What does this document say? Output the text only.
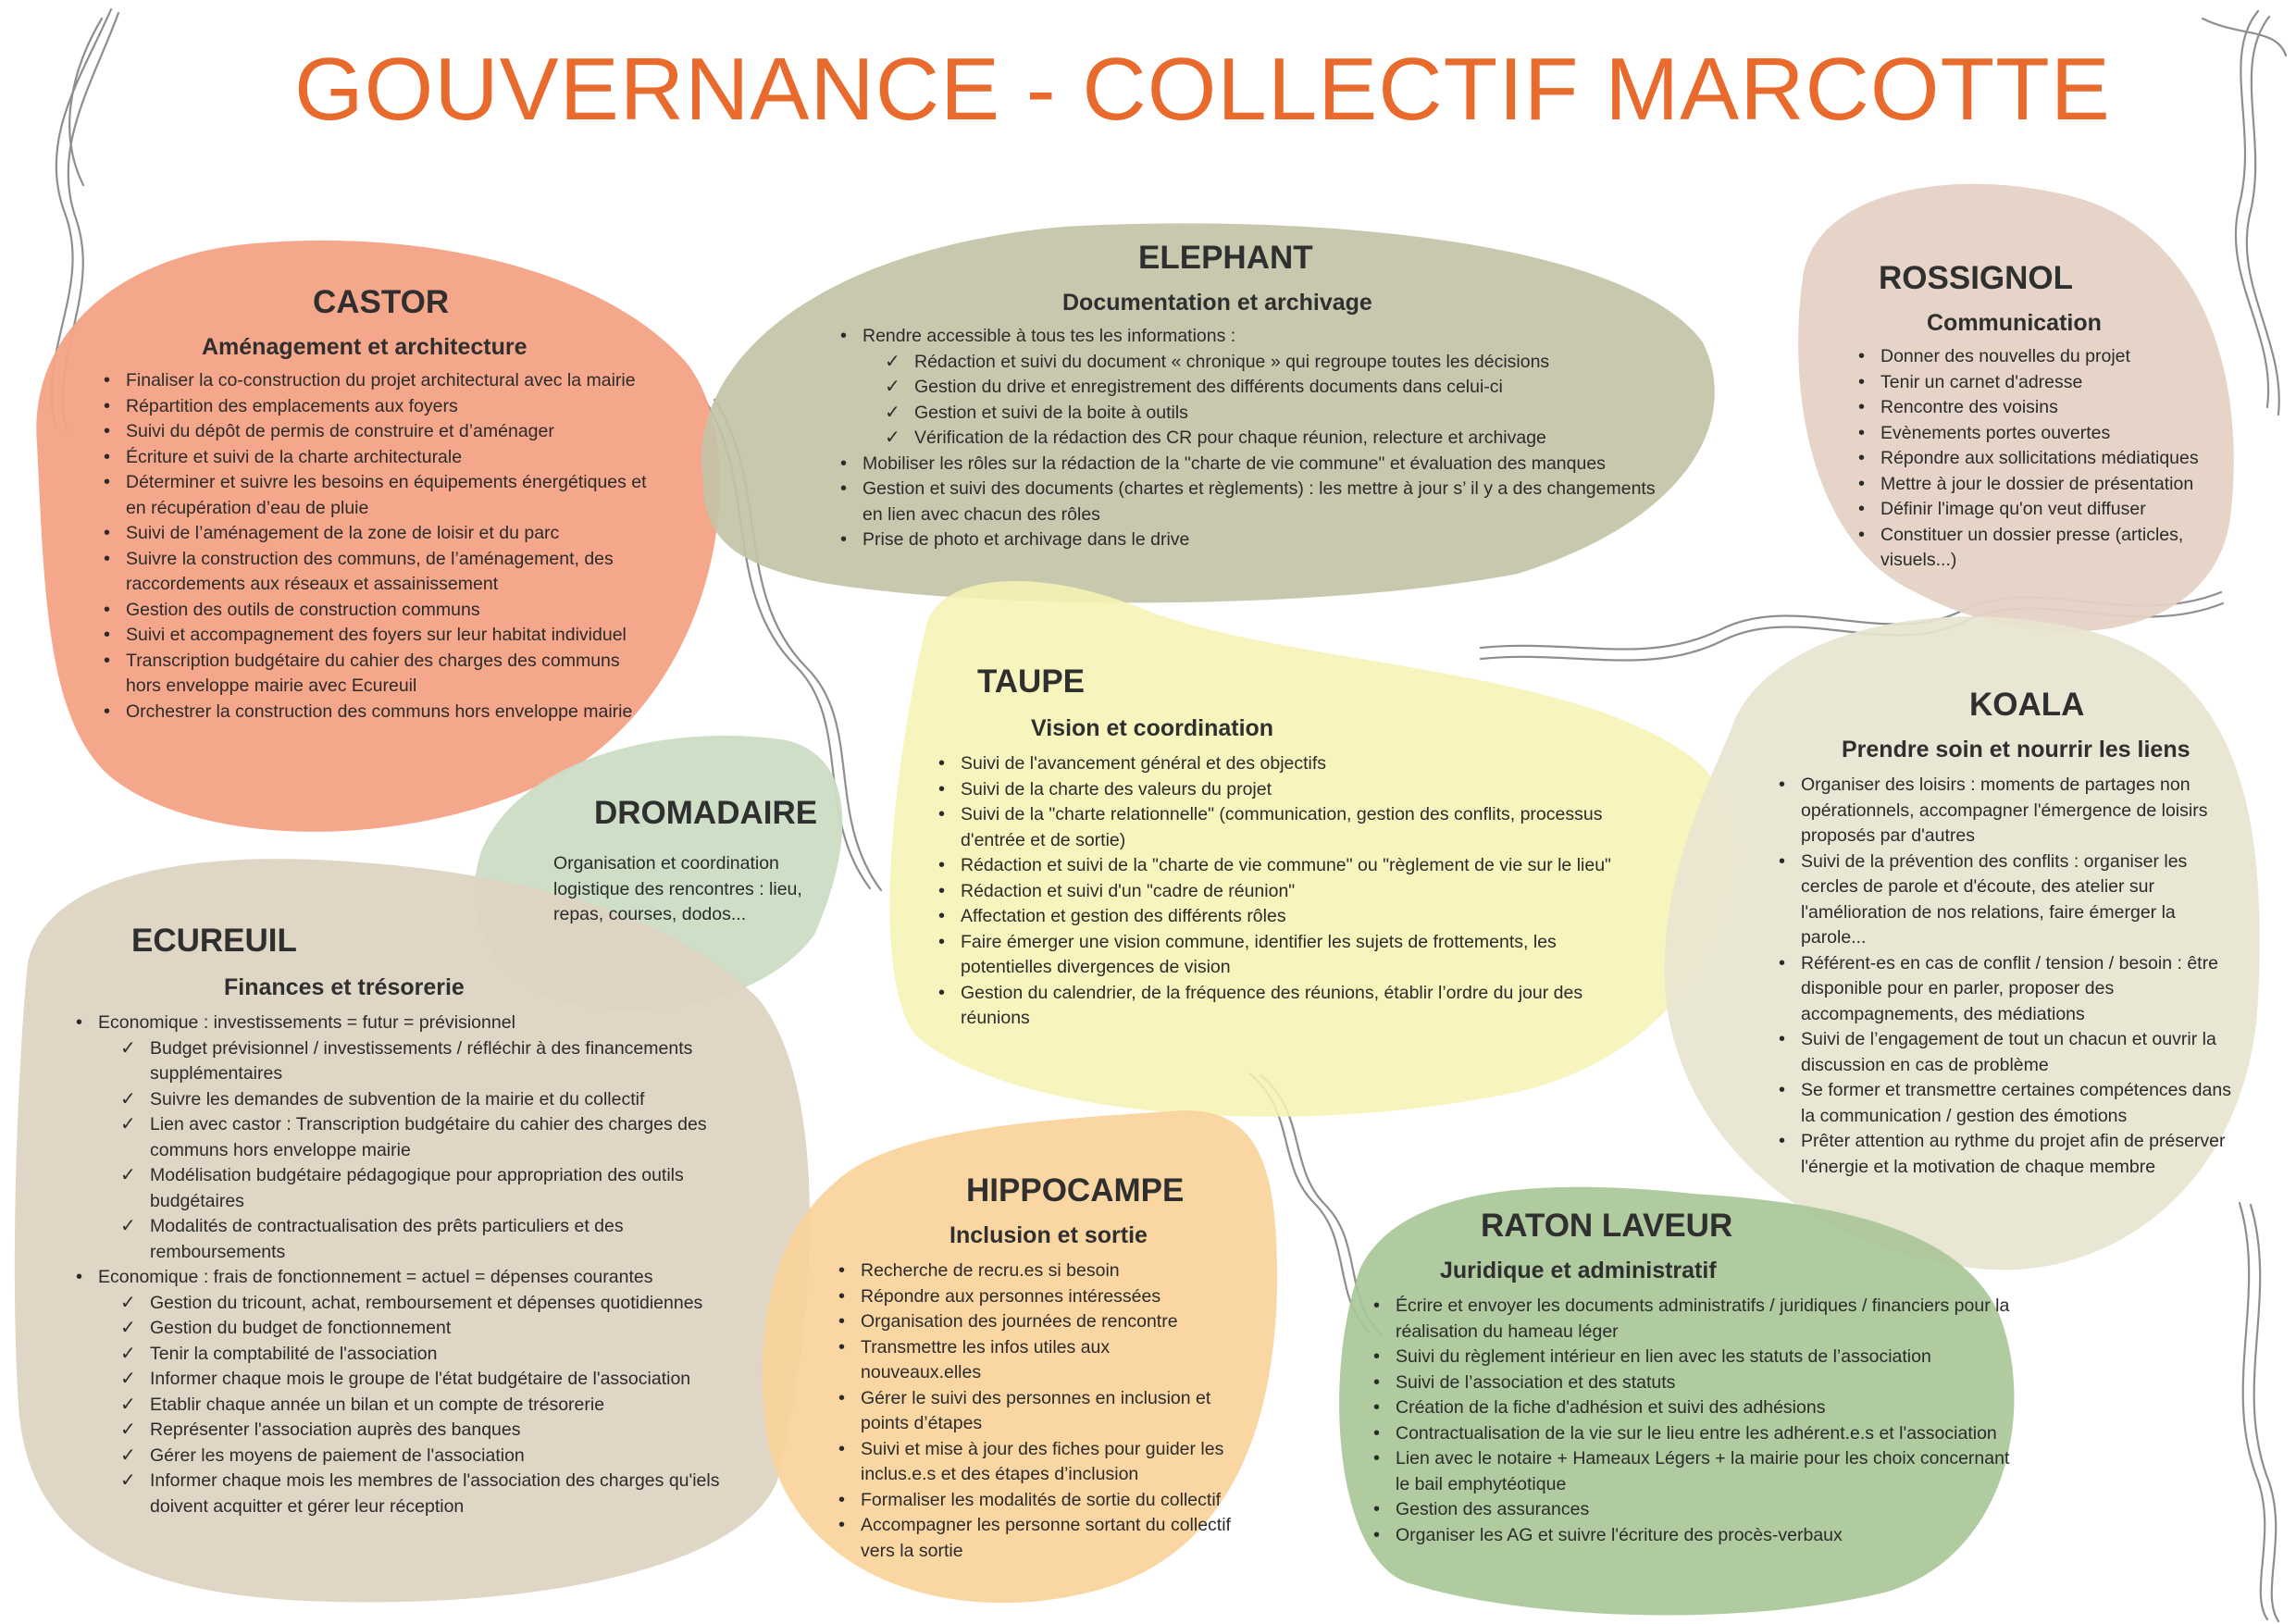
GOUVERNANCE - COLLECTIF MARCOTTE
CASTOR
Aménagement et architecture
• Finaliser la co-construction du projet architectural avec la mairie
• Répartition des emplacements aux foyers
• Suivi du dépôt de permis de construire et d’aménager
• Écriture et suivi de la charte architecturale
• Déterminer et suivre les besoins en équipements énergétiques et en récupération d’eau de pluie
• Suivi de l’aménagement de la zone de loisir et du parc
• Suivre la construction des communs, de l’aménagement, des raccordements aux réseaux et assainissement
• Gestion des outils de construction communs
• Suivi et accompagnement des foyers sur leur habitat individuel
• Transcription budgétaire du cahier des charges des communs hors enveloppe mairie avec Ecureuil
• Orchestrer la construction des communs hors enveloppe mairie
ELEPHANT
Documentation et archivage
• Rendre accessible à tous tes les informations :
✓ Rédaction et suivi du document « chronique » qui regroupe toutes les décisions
✓ Gestion du drive et enregistrement des différents documents dans celui-ci
✓ Gestion et suivi de la boite à outils
✓ Vérification de la rédaction des CR pour chaque réunion, relecture et archivage
• Mobiliser les rôles sur la rédaction de la "charte de vie commune" et évaluation des manques
• Gestion et suivi des documents (chartes et règlements) : les mettre à jour s’ il y a des changements en lien avec chacun des rôles
• Prise de photo et archivage dans le drive
ROSSIGNOL
Communication
• Donner des nouvelles du projet
• Tenir un carnet d'adresse
• Rencontre des voisins
• Evènements portes ouvertes
• Répondre aux sollicitations médiatiques
• Mettre à jour le dossier de présentation
• Définir l'image qu'on veut diffuser
• Constituer un dossier presse (articles, visuels...)
TAUPE
Vision et coordination
• Suivi de l'avancement général et des objectifs
• Suivi de la charte des valeurs du projet
• Suivi de la "charte relationnelle" (communication, gestion des conflits, processus d'entrée et de sortie)
• Rédaction et suivi de la "charte de vie commune" ou "règlement de vie sur le lieu"
• Rédaction et suivi d'un "cadre de réunion"
• Affectation et gestion des différents rôles
• Faire émerger une vision commune, identifier les sujets de frottements, les potentielles divergences de vision
• Gestion du calendrier, de la fréquence des réunions, établir l’ordre du jour des réunions
KOALA
Prendre soin et nourrir les liens
• Organiser des loisirs : moments de partages non opérationnels, accompagner l'émergence de loisirs proposés par d'autres
• Suivi de la prévention des conflits : organiser les cercles de parole et d'écoute, des atelier sur l'amélioration de nos relations, faire émerger la parole...
• Référent-es en cas de conflit / tension / besoin : être disponible pour en parler, proposer des accompagnements, des médiations
• Suivi de l’engagement de tout un chacun et ouvrir la discussion en cas de problème
• Se former et transmettre certaines compétences dans la communication / gestion des émotions
• Prêter attention au rythme du projet afin de préserver l'énergie et la motivation de chaque membre
DROMADAIRE
Organisation et coordination logistique des rencontres : lieu, repas, courses, dodos...
ECUREUIL
Finances et trésorerie
• Economique : investissements = futur = prévisionnel
✓ Budget prévisionnel / investissements / réfléchir à des financements supplémentaires
✓ Suivre les demandes de subvention de la mairie et du collectif
✓ Lien avec castor : Transcription budgétaire du cahier des charges des communs hors enveloppe mairie
✓ Modélisation budgétaire pédagogique pour appropriation des outils budgétaires
✓ Modalités de contractualisation des prêts particuliers et des remboursements
• Economique : frais de fonctionnement = actuel = dépenses courantes
✓ Gestion du tricount, achat, remboursement et dépenses quotidiennes
✓ Gestion du budget de fonctionnement
✓ Tenir la comptabilité de l'association
✓ Informer chaque mois le groupe de l'état budgétaire de l'association
✓ Etablir chaque année un bilan et un compte de trésorerie
✓ Représenter l'association auprès des banques
✓ Gérer les moyens de paiement de l'association
✓ Informer chaque mois les membres de l'association des charges qu'iels doivent acquitter et gérer leur réception
HIPPOCAMPE
Inclusion et sortie
• Recherche de recru.es si besoin
• Répondre aux personnes intéressées
• Organisation des journées de rencontre
• Transmettre les infos utiles aux nouveaux.elles
• Gérer le suivi des personnes en inclusion et points d’étapes
• Suivi et mise à jour des fiches pour guider les inclus.e.s et des étapes d’inclusion
• Formaliser les modalités de sortie du collectif
• Accompagner les personne sortant du collectif vers la sortie
RATON LAVEUR
Juridique et administratif
• Écrire et envoyer les documents administratifs / juridiques / financiers pour la réalisation du hameau léger
• Suivi du règlement intérieur en lien avec les statuts de l’association
• Suivi de l’association et des statuts
• Création de la fiche d'adhésion et suivi des adhésions
• Contractualisation de la vie sur le lieu entre les adhérent.e.s et l'association
• Lien avec le notaire + Hameaux Légers + la mairie pour les choix concernant le bail emphytéotique
• Gestion des assurances
• Organiser les AG et suivre l'écriture des procès-verbaux
